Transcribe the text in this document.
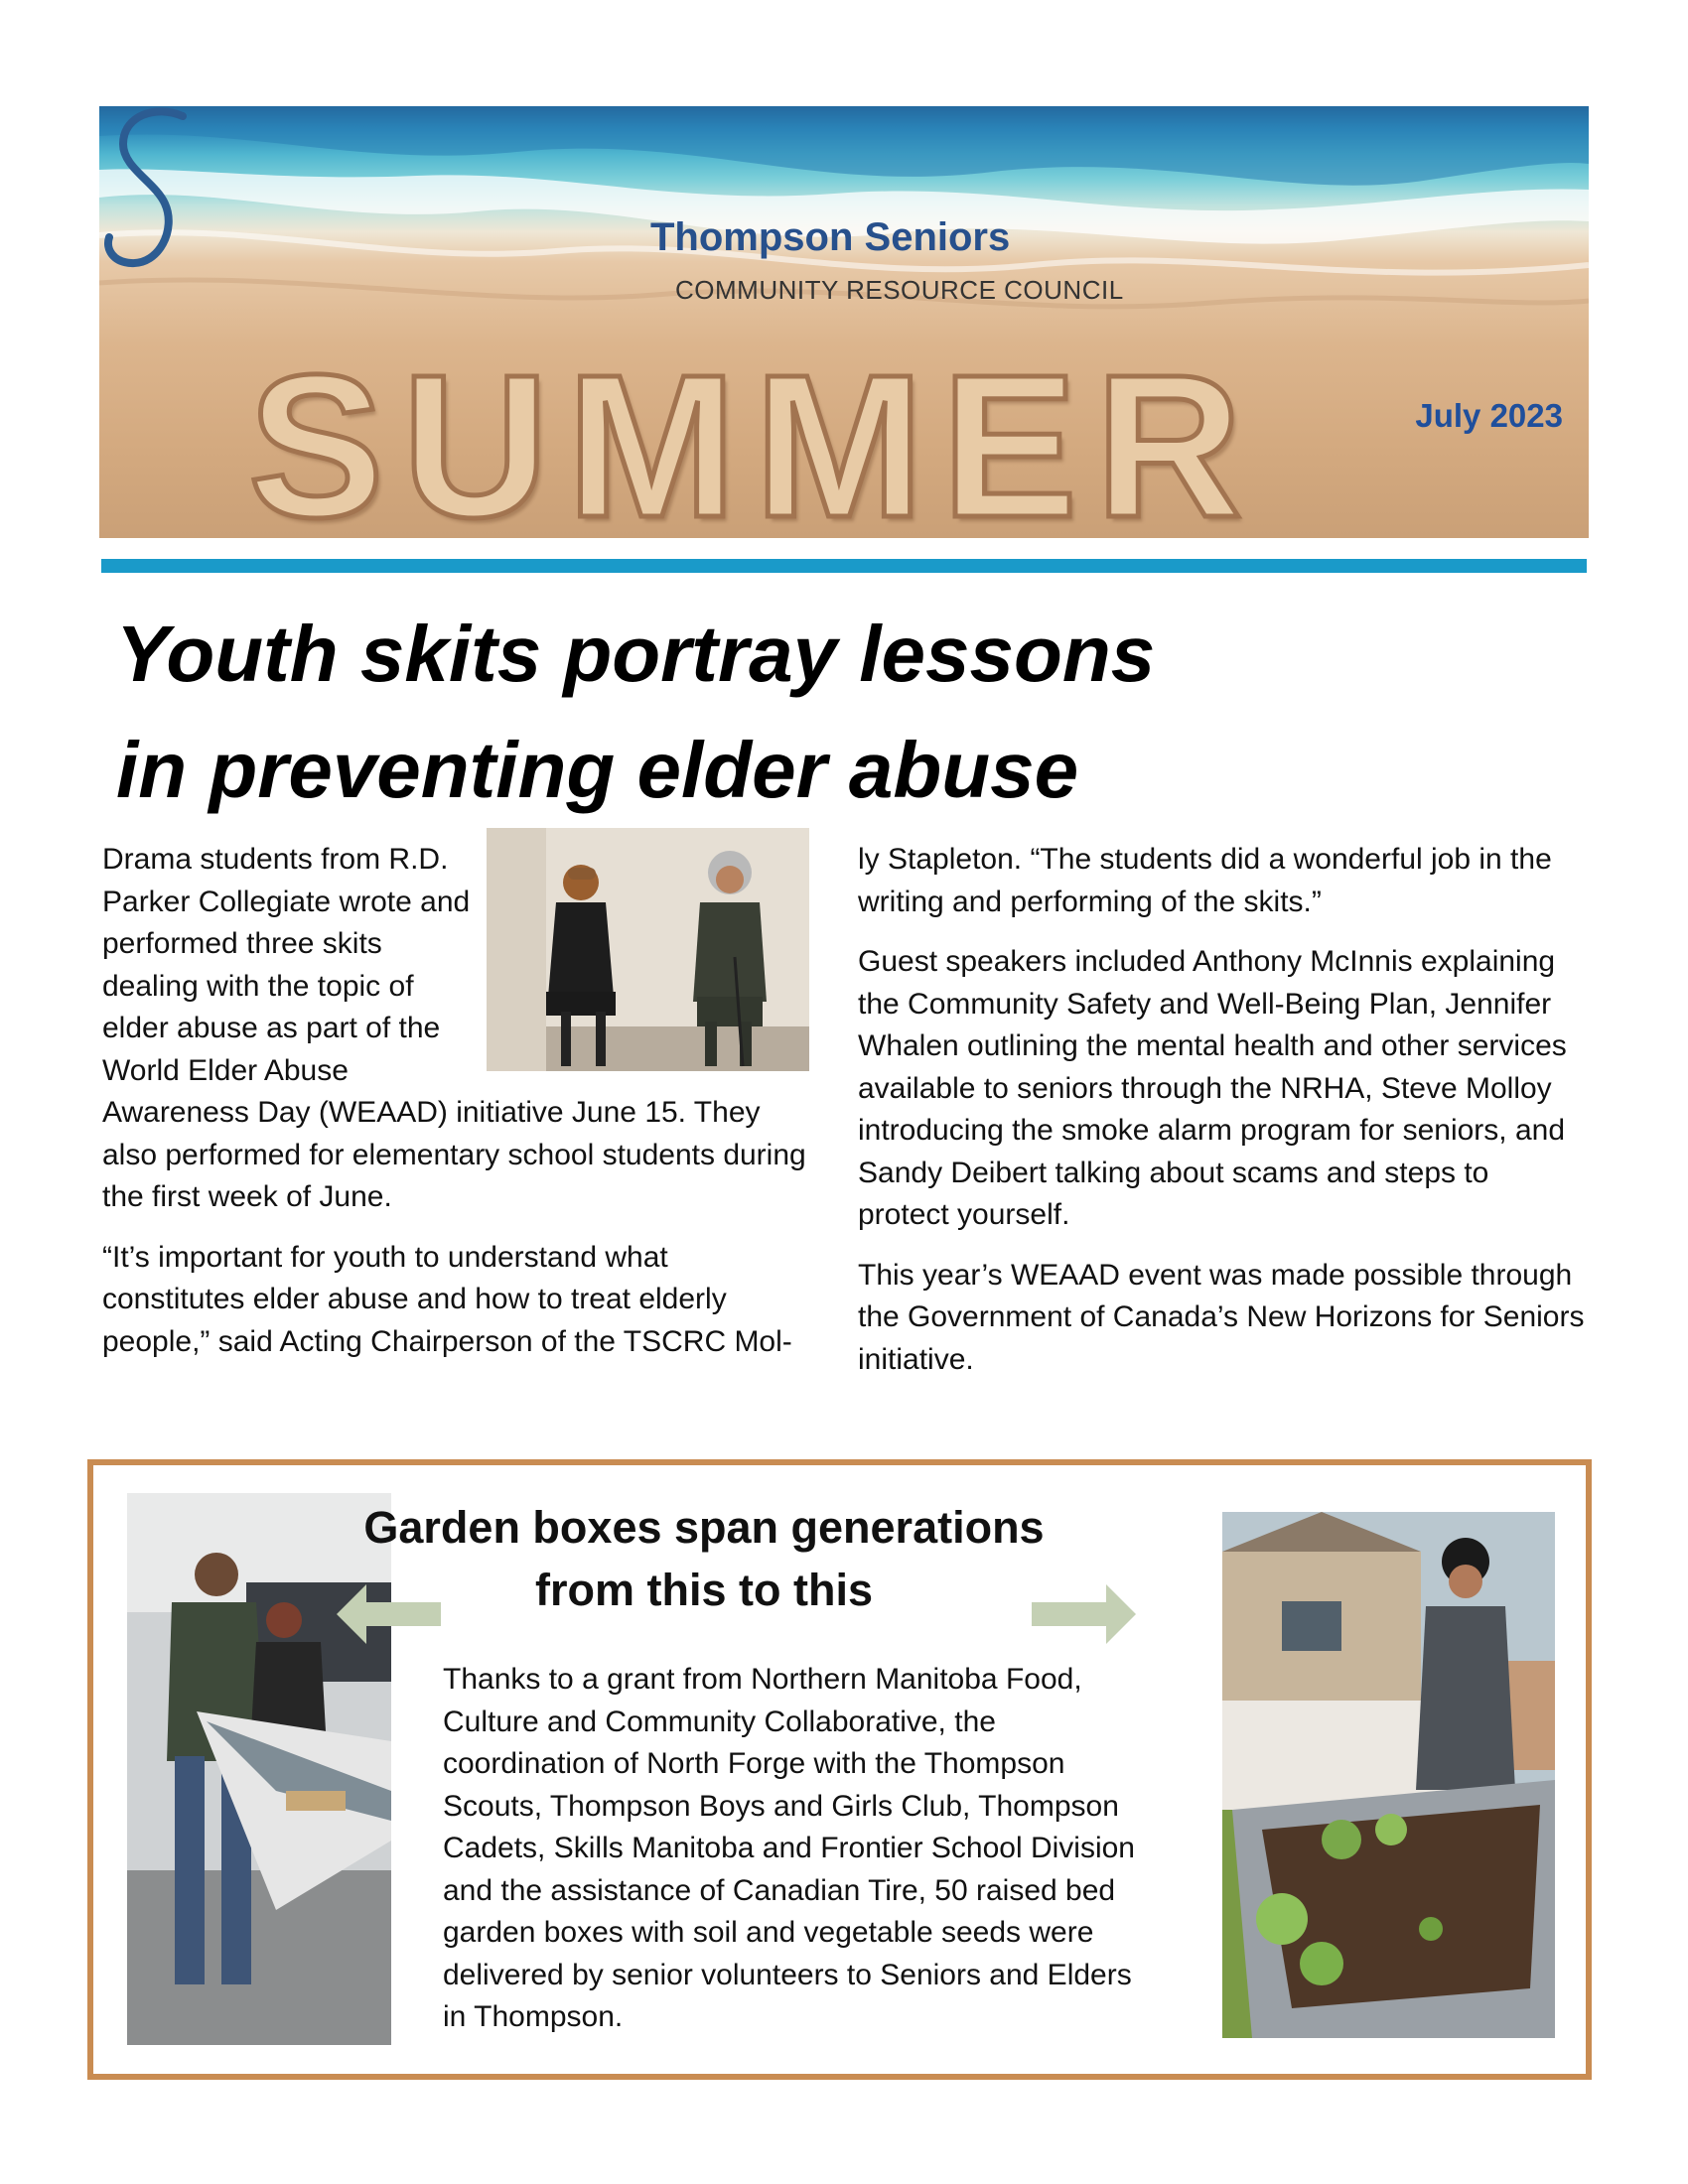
Thompson Seniors
COMMUNITY RESOURCE COUNCIL
SUMMER	July 2023
Youth skits portray lessons
in preventing elder abuse

Drama students from R.D. Parker Collegiate wrote and performed three skits dealing with the topic of elder abuse as part of the World Elder Abuse Awareness Day (WEAAD) initiative June 15. They also performed for elementary school students during the first week of June.

“It’s important for youth to understand what constitutes elder abuse and how to treat elderly people,” said Acting Chairperson of the TSCRC Mol-

ly Stapleton. “The students did a wonderful job in the writing and performing of the skits.”

Guest speakers included Anthony McInnis explaining the Community Safety and Well-Being Plan, Jennifer Whalen outlining the mental health and other services available to seniors through the NRHA, Steve Molloy introducing the smoke alarm program for seniors, and Sandy Deibert talking about scams and steps to protect yourself.

This year’s WEAAD event was made possible through the Government of Canada’s New Horizons for Seniors initiative.

Garden boxes span generations
from this to this

Thanks to a grant from Northern Manitoba Food, Culture and Community Collaborative, the coordination of North Forge with the Thompson Scouts, Thompson Boys and Girls Club, Thompson Cadets, Skills Manitoba and Frontier School Division and the assistance of Canadian Tire, 50 raised bed garden boxes with soil and vegetable seeds were delivered by senior volunteers to Seniors and Elders in Thompson.
